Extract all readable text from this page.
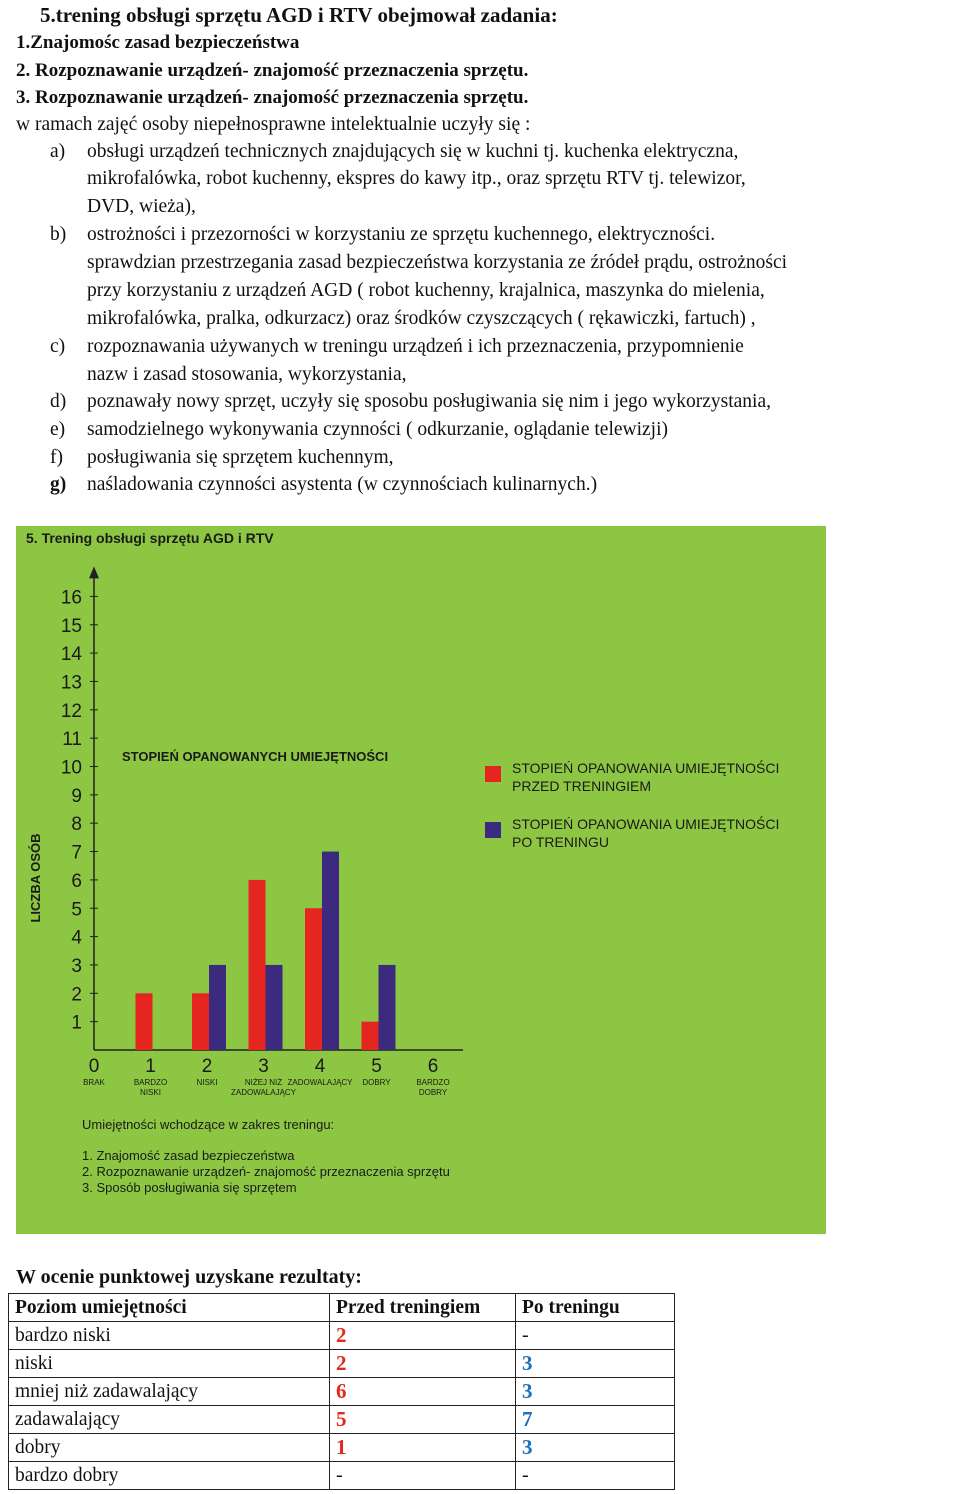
5.trening obsługi sprzętu AGD i RTV obejmował zadania:
1.Znajomośc zasad bezpieczeństwa
2. Rozpoznawanie urządzeń- znajomość przeznaczenia sprzętu.
3. Rozpoznawanie urządzeń- znajomość przeznaczenia sprzętu.
w ramach zajęć osoby niepełnosprawne intelektualnie uczyły się :
a) obsługi urządzeń technicznych znajdujących się w kuchni tj. kuchenka elektryczna,
mikrofalówka, robot kuchenny, ekspres do kawy itp., oraz sprzętu RTV tj. telewizor,
DVD, wieża),
b) ostrożności i przezorności w korzystaniu ze sprzętu kuchennego, elektryczności.
sprawdzian przestrzegania zasad bezpieczeństwa korzystania ze źródeł prądu, ostrożności
przy korzystaniu z urządzeń AGD ( robot kuchenny, krajalnica, maszynka do mielenia,
mikrofalówka, pralka, odkurzacz) oraz środków czyszczących ( rękawiczki, fartuch) ,
c) rozpoznawania używanych w treningu urządzeń i ich przeznaczenia, przypomnienie
nazw i zasad stosowania, wykorzystania,
d) poznawały nowy sprzęt, uczyły się sposobu posługiwania się nim i jego wykorzystania,
e) samodzielnego wykonywania czynności ( odkurzanie, oglądanie telewizji)
f) posługiwania się sprzętem kuchennym,
g) naśladowania czynności asystenta (w czynnościach kulinarnych.)
5. Trening obsługi sprzętu AGD i RTV
STOPIEŃ OPANOWANYCH UMIEJĘTNOŚCI
LICZBA OSÓB
1
2
3
4
5
6
7
8
9
10
11
12
13
14
15
16
0
BRAK
1
BARDZO
NISKI
2
NISKI
3
NIŻEJ NIŻ
ZADOWALAJĄCY
4
ZADOWALAJĄCY
5
DOBRY
6
BARDZO
DOBRY
STOPIEŃ OPANOWANIA UMIEJĘTNOŚCI
PRZED TRENINGIEM
STOPIEŃ OPANOWANIA UMIEJĘTNOŚCI
PO TRENINGU
Umiejętności wchodzące w zakres treningu:
1. Znajomość zasad bezpieczeństwa
2. Rozpoznawanie urządzeń- znajomość przeznaczenia sprzętu
3. Sposób posługiwania się sprzętem
W ocenie punktowej uzyskane rezultaty:
Poziom umiejętności	Przed treningiem	Po treningu
bardzo niski	2	-
niski	2	3
mniej niż zadawalający	6	3
zadawalający	5	7
dobry	1	3
bardzo dobry	-	-
